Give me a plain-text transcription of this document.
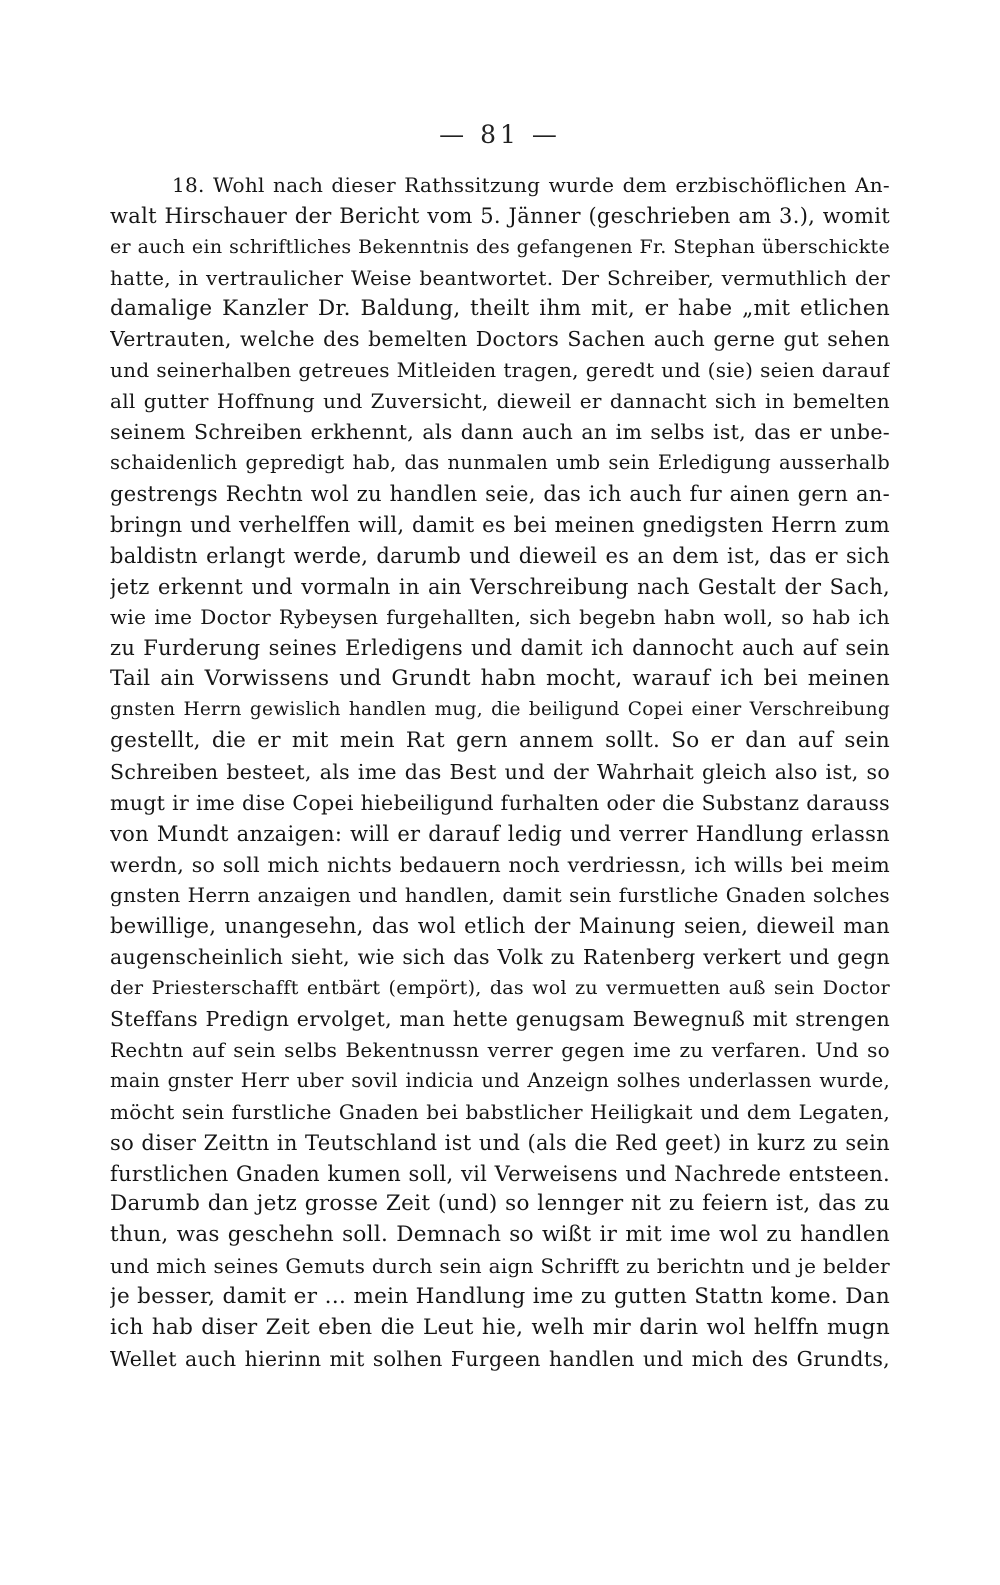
— 81 —
18. Wohl nach dieser Rathssitzung wurde dem erzbischöflichen An-
walt Hirschauer der Bericht vom 5. Jänner (geschrieben am 3.), womit
er auch ein schriftliches Bekenntnis des gefangenen Fr. Stephan überschickte
hatte, in vertraulicher Weise beantwortet. Der Schreiber, vermuthlich der
damalige Kanzler Dr. Baldung, theilt ihm mit, er habe „mit etlichen
Vertrauten, welche des bemelten Doctors Sachen auch gerne gut sehen
und seinerhalben getreues Mitleiden tragen, geredt und (sie) seien darauf
all gutter Hoffnung und Zuversicht, dieweil er dannacht sich in bemelten
seinem Schreiben erkhennt, als dann auch an im selbs ist, das er unbe-
schaidenlich gepredigt hab, das nunmalen umb sein Erledigung ausserhalb
gestrengs Rechtn wol zu handlen seie, das ich auch fur ainen gern an-
bringn und verhelffen will, damit es bei meinen gnedigsten Herrn zum
baldistn erlangt werde, darumb und dieweil es an dem ist, das er sich
jetz erkennt und vormaln in ain Verschreibung nach Gestalt der Sach,
wie ime Doctor Rybeysen furgehallten, sich begebn habn woll, so hab ich
zu Furderung seines Erledigens und damit ich dannocht auch auf sein
Tail ain Vorwissens und Grundt habn mocht, warauf ich bei meinen
gnsten Herrn gewislich handlen mug, die beiligund Copei einer Verschreibung
gestellt, die er mit mein Rat gern annem sollt. So er dan auf sein
Schreiben besteet, als ime das Best und der Wahrhait gleich also ist, so
mugt ir ime dise Copei hiebeiligund furhalten oder die Substanz darauss
von Mundt anzaigen: will er darauf ledig und verrer Handlung erlassn
werdn, so soll mich nichts bedauern noch verdriessn, ich wills bei meim
gnsten Herrn anzaigen und handlen, damit sein furstliche Gnaden solches
bewillige, unangesehn, das wol etlich der Mainung seien, dieweil man
augenscheinlich sieht, wie sich das Volk zu Ratenberg verkert und gegn
der Priesterschafft entbärt (empört), das wol zu vermuetten auß sein Doctor
Steffans Predign ervolget, man hette genugsam Bewegnuß mit strengen
Rechtn auf sein selbs Bekentnussn verrer gegen ime zu verfaren. Und so
main gnster Herr uber sovil indicia und Anzeign solhes underlassen wurde,
möcht sein furstliche Gnaden bei babstlicher Heiligkait und dem Legaten,
so diser Zeittn in Teutschland ist und (als die Red geet) in kurz zu sein
furstlichen Gnaden kumen soll, vil Verweisens und Nachrede entsteen.
Darumb dan jetz grosse Zeit (und) so lennger nit zu feiern ist, das zu
thun, was geschehn soll. Demnach so wißt ir mit ime wol zu handlen
und mich seines Gemuts durch sein aign Schrifft zu berichtn und je belder
je besser, damit er … mein Handlung ime zu gutten Stattn kome. Dan
ich hab diser Zeit eben die Leut hie, welh mir darin wol helffn mugn
Wellet auch hierinn mit solhen Furgeen handlen und mich des Grundts,
